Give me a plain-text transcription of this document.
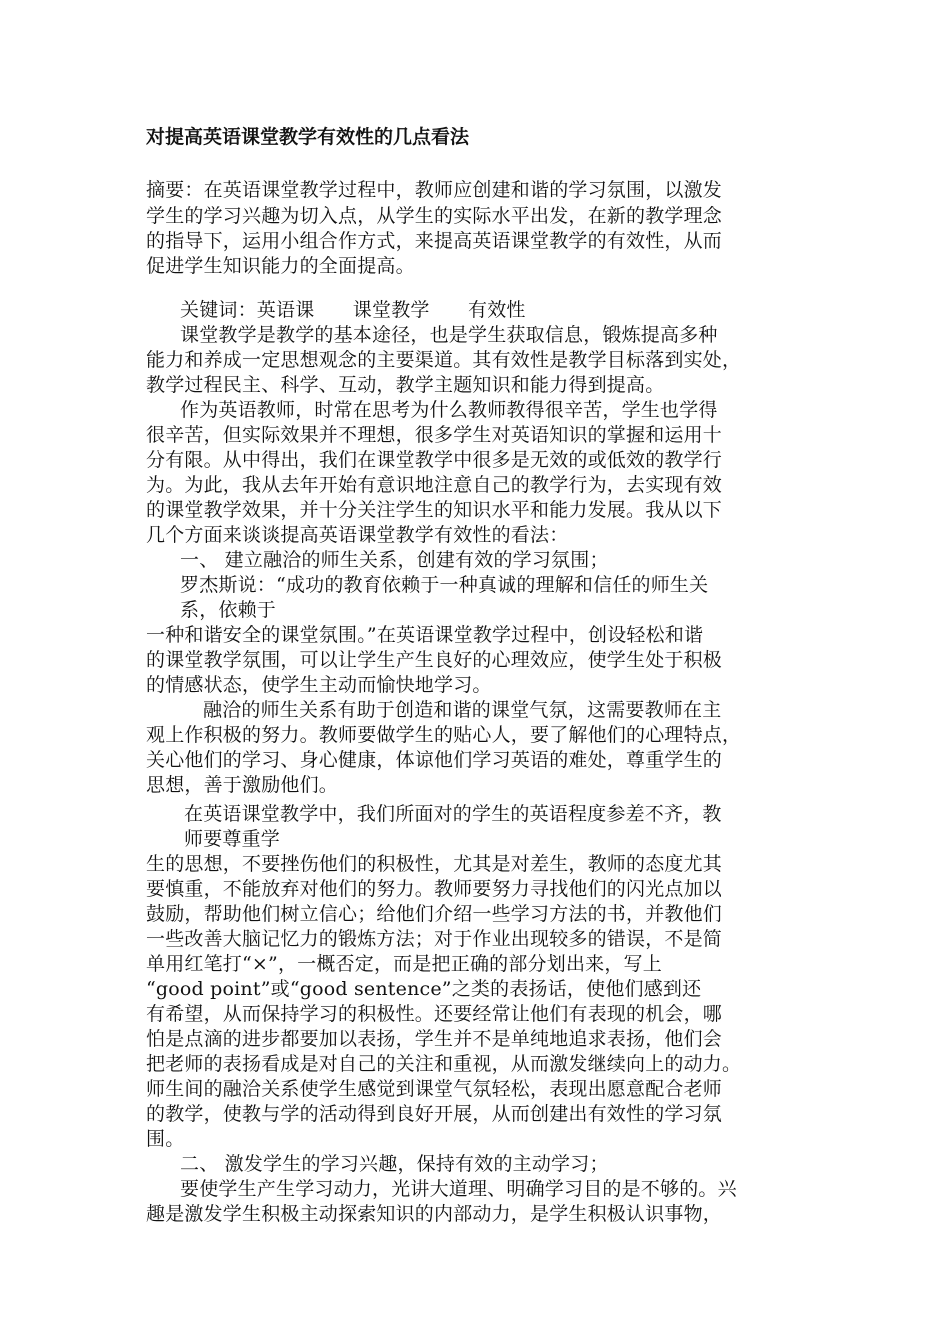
对提高英语课堂教学有效性的几点看法
摘要：在英语课堂教学过程中，教师应创建和谐的学习氛围，以激发
学生的学习兴趣为切入点，从学生的实际水平出发，在新的教学理念
的指导下，运用小组合作方式，来提高英语课堂教学的有效性，从而
促进学生知识能力的全面提高。
关键词：英语课　　课堂教学　　有效性
课堂教学是教学的基本途径，也是学生获取信息，锻炼提高多种
能力和养成一定思想观念的主要渠道。其有效性是教学目标落到实处，
教学过程民主、科学、互动，教学主题知识和能力得到提高。
作为英语教师，时常在思考为什么教师教得很辛苦，学生也学得
很辛苦，但实际效果并不理想，很多学生对英语知识的掌握和运用十
分有限。从中得出，我们在课堂教学中很多是无效的或低效的教学行
为。为此，我从去年开始有意识地注意自己的教学行为，去实现有效
的课堂教学效果，并十分关注学生的知识水平和能力发展。我从以下
几个方面来谈谈提高英语课堂教学有效性的看法：
一、 建立融洽的师生关系，创建有效的学习氛围；
罗杰斯说：“成功的教育依赖于一种真诚的理解和信任的师生关
系，依赖于
一种和谐安全的课堂氛围。”在英语课堂教学过程中，创设轻松和谐
的课堂教学氛围，可以让学生产生良好的心理效应，使学生处于积极
的情感状态，使学生主动而愉快地学习。
融洽的师生关系有助于创造和谐的课堂气氛，这需要教师在主
观上作积极的努力。教师要做学生的贴心人，要了解他们的心理特点，
关心他们的学习、身心健康，体谅他们学习英语的难处，尊重学生的
思想，善于激励他们。
在英语课堂教学中，我们所面对的学生的英语程度参差不齐，教
师要尊重学
生的思想，不要挫伤他们的积极性，尤其是对差生，教师的态度尤其
要慎重，不能放弃对他们的努力。教师要努力寻找他们的闪光点加以
鼓励，帮助他们树立信心；给他们介绍一些学习方法的书，并教他们
一些改善大脑记忆力的锻炼方法；对于作业出现较多的错误，不是简
单用红笔打“×”，一概否定，而是把正确的部分划出来，写上
“good point”或“good sentence”之类的表扬话，使他们感到还
有希望，从而保持学习的积极性。还要经常让他们有表现的机会，哪
怕是点滴的进步都要加以表扬，学生并不是单纯地追求表扬，他们会
把老师的表扬看成是对自己的关注和重视，从而激发继续向上的动力。
师生间的融洽关系使学生感觉到课堂气氛轻松，表现出愿意配合老师
的教学，使教与学的活动得到良好开展，从而创建出有效性的学习氛
围。
二、 激发学生的学习兴趣，保持有效的主动学习；
要使学生产生学习动力，光讲大道理、明确学习目的是不够的。兴
趣是激发学生积极主动探索知识的内部动力，是学生积极认识事物，
